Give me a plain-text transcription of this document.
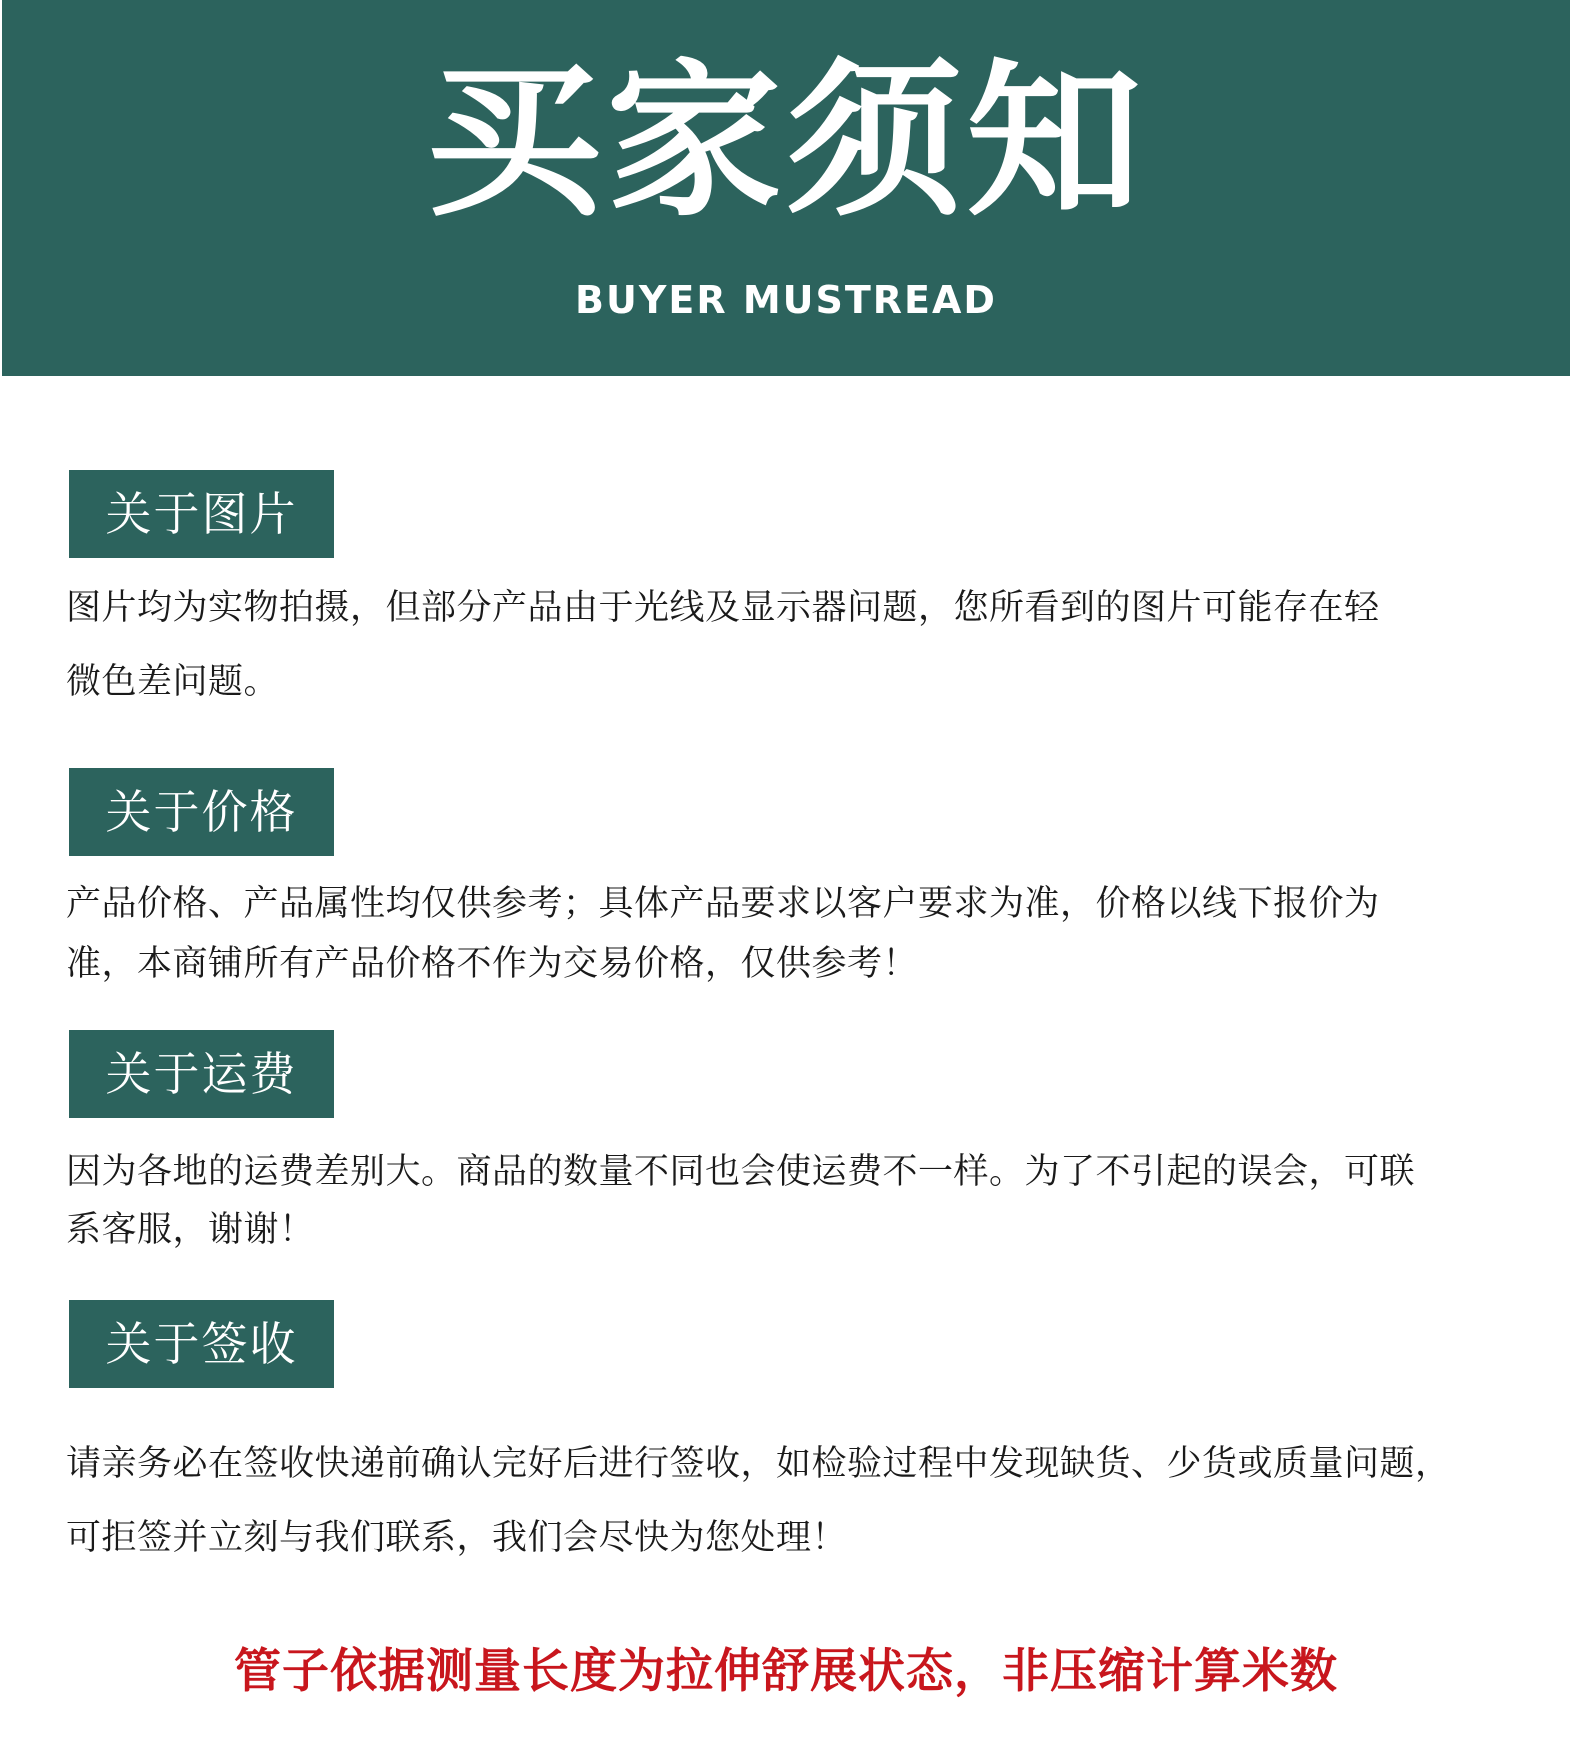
买家须知
BUYER MUSTREAD
关于图片
图片均为实物拍摄，但部分产品由于光线及显示器问题，您所看到的图片可能存在轻
微色差问题。
关于价格
产品价格、产品属性均仅供参考；具体产品要求以客户要求为准，价格以线下报价为
准，本商铺所有产品价格不作为交易价格，仅供参考！
关于运费
因为各地的运费差别大。商品的数量不同也会使运费不一样。为了不引起的误会，可联
系客服，谢谢！
关于签收
请亲务必在签收快递前确认完好后进行签收，如检验过程中发现缺货、少货或质量问题，
可拒签并立刻与我们联系，我们会尽快为您处理！
管子依据测量长度为拉伸舒展状态，非压缩计算米数
